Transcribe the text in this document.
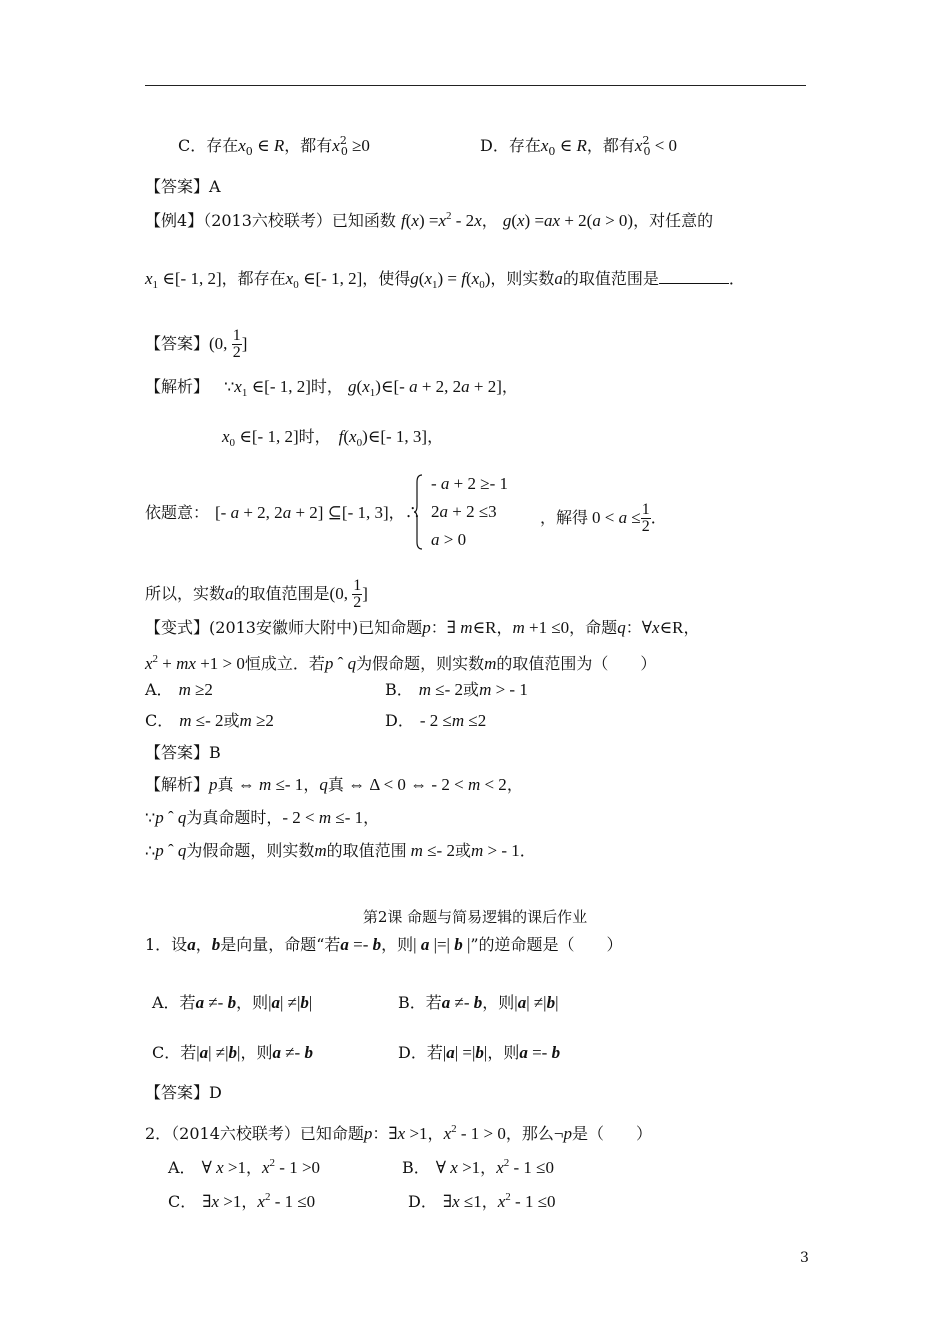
C．存在$x_0$ ∈ R，都有$x^2_0 \ge 0$	D．存在$x_0$ ∈ R，都有$x^2_0 < 0$
【答案】A
【例4】（2013六校联考）已知函数 $f(x) =x^2 - 2x$， g(x) =ax + 2(a > 0)，对任意的
$x_1$ ∈[- 1, 2]，都存在$x_0$ ∈[- 1, 2]，使得$g(x_1) = f(x_0)$，则实数a的取值范围是	．
【答案】(0, $\frac{1}{2}$ ]
【解析】 $\because x_1$ ∈[- 1, 2]时， $g(x_1)\in[-$ a + 2, 2a + 2]，
$x_0$ ∈[- 1, 2]时， $f(x_0)\in[-$ 1, 3]，
依题意： [- a + 2, 2a + 2] ⊆[- 1, 3]，∴
- a + 2 ≥- 1
2a + 2 ≤3
a > 0
，解得 $0 < a \le \frac{1}{2}$ ．
所以，实数a的取值范围是(0, $\frac{1}{2}$ ]
【变式】(2013安徽师大附中)已知命题p：∃ m∈R，m +1 ≤0，命题q：∀x∈R，
$x^2$ + mx +1 > 0恒成立．若p ˆ q为假命题，则实数m的取值范围为（　　）
A． m ≥2	B． m ≤- 2或m > - 1
C． m ≤- 2或m ≥2	D． - 2 ≤m ≤2
【答案】B
【解析】p真 ⇔ m ≤- 1，q真 ⇔ Δ < 0 ⇔ - 2 < m < 2，
∵p ˆ q为真命题时，- 2 < m ≤- 1，
∴p ˆ q为假命题，则实数m的取值范围 m ≤- 2或m > - 1．
第2课 命题与简易逻辑的课后作业
1．设a，b是向量，命题“若a =- b，则| a |=| b |”的逆命题是（　　）
A．若a ≠- b，则|a| ≠|b|	B．若a ≠- b，则|a| ≠|b|
C．若|a| ≠|b|，则a ≠- b	D．若|a| =|b|，则a =- b
【答案】D
2．（2014六校联考）已知命题p：∃x >1，$x^2 - 1 > 0$，那么¬p是（　　）
A． ∀ x >1，$x^2 - 1 >0$	B． ∀ x >1，$x^2 - 1 \le 0$
C． ∃x >1，$x^2 - 1 \le 0$	D． ∃x ≤1，$x^2 - 1 \le 0$
3
